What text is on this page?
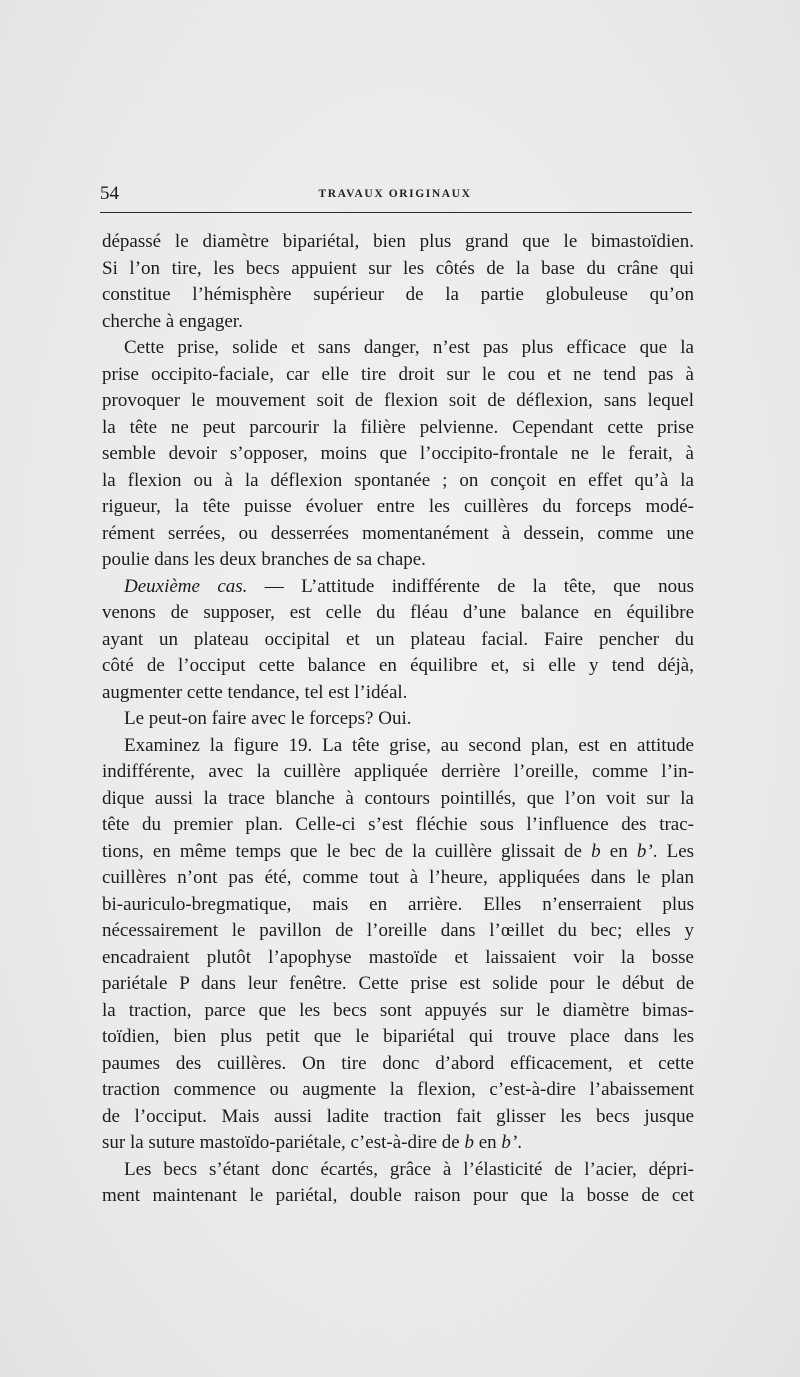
54	TRAVAUX ORIGINAUX
dépassé le diamètre bipariétal, bien plus grand que le bimastoïdien.
Si l’on tire, les becs appuient sur les côtés de la base du crâne qui
constitue l’hémisphère supérieur de la partie globuleuse qu’on
cherche à engager.
Cette prise, solide et sans danger, n’est pas plus efficace que la
prise occipito-faciale, car elle tire droit sur le cou et ne tend pas à
provoquer le mouvement soit de flexion soit de déflexion, sans lequel
la tête ne peut parcourir la filière pelvienne. Cependant cette prise
semble devoir s’opposer, moins que l’occipito-frontale ne le ferait, à
la flexion ou à la déflexion spontanée ; on conçoit en effet qu’à la
rigueur, la tête puisse évoluer entre les cuillères du forceps modé-
rément serrées, ou desserrées momentanément à dessein, comme une
poulie dans les deux branches de sa chape.
Deuxième cas. — L’attitude indifférente de la tête, que nous
venons de supposer, est celle du fléau d’une balance en équilibre
ayant un plateau occipital et un plateau facial. Faire pencher du
côté de l’occiput cette balance en équilibre et, si elle y tend déjà,
augmenter cette tendance, tel est l’idéal.
Le peut-on faire avec le forceps? Oui.
Examinez la figure 19. La tête grise, au second plan, est en attitude
indifférente, avec la cuillère appliquée derrière l’oreille, comme l’in-
dique aussi la trace blanche à contours pointillés, que l’on voit sur la
tête du premier plan. Celle-ci s’est fléchie sous l’influence des trac-
tions, en même temps que le bec de la cuillère glissait de b en b’. Les
cuillères n’ont pas été, comme tout à l’heure, appliquées dans le plan
bi-auriculo-bregmatique, mais en arrière. Elles n’enserraient plus
nécessairement le pavillon de l’oreille dans l’œillet du bec; elles y
encadraient plutôt l’apophyse mastoïde et laissaient voir la bosse
pariétale P dans leur fenêtre. Cette prise est solide pour le début de
la traction, parce que les becs sont appuyés sur le diamètre bimas-
toïdien, bien plus petit que le bipariétal qui trouve place dans les
paumes des cuillères. On tire donc d’abord efficacement, et cette
traction commence ou augmente la flexion, c’est-à-dire l’abaissement
de l’occiput. Mais aussi ladite traction fait glisser les becs jusque
sur la suture mastoïdo-pariétale, c’est-à-dire de b en b’.
Les becs s’étant donc écartés, grâce à l’élasticité de l’acier, dépri-
ment maintenant le pariétal, double raison pour que la bosse de cet
